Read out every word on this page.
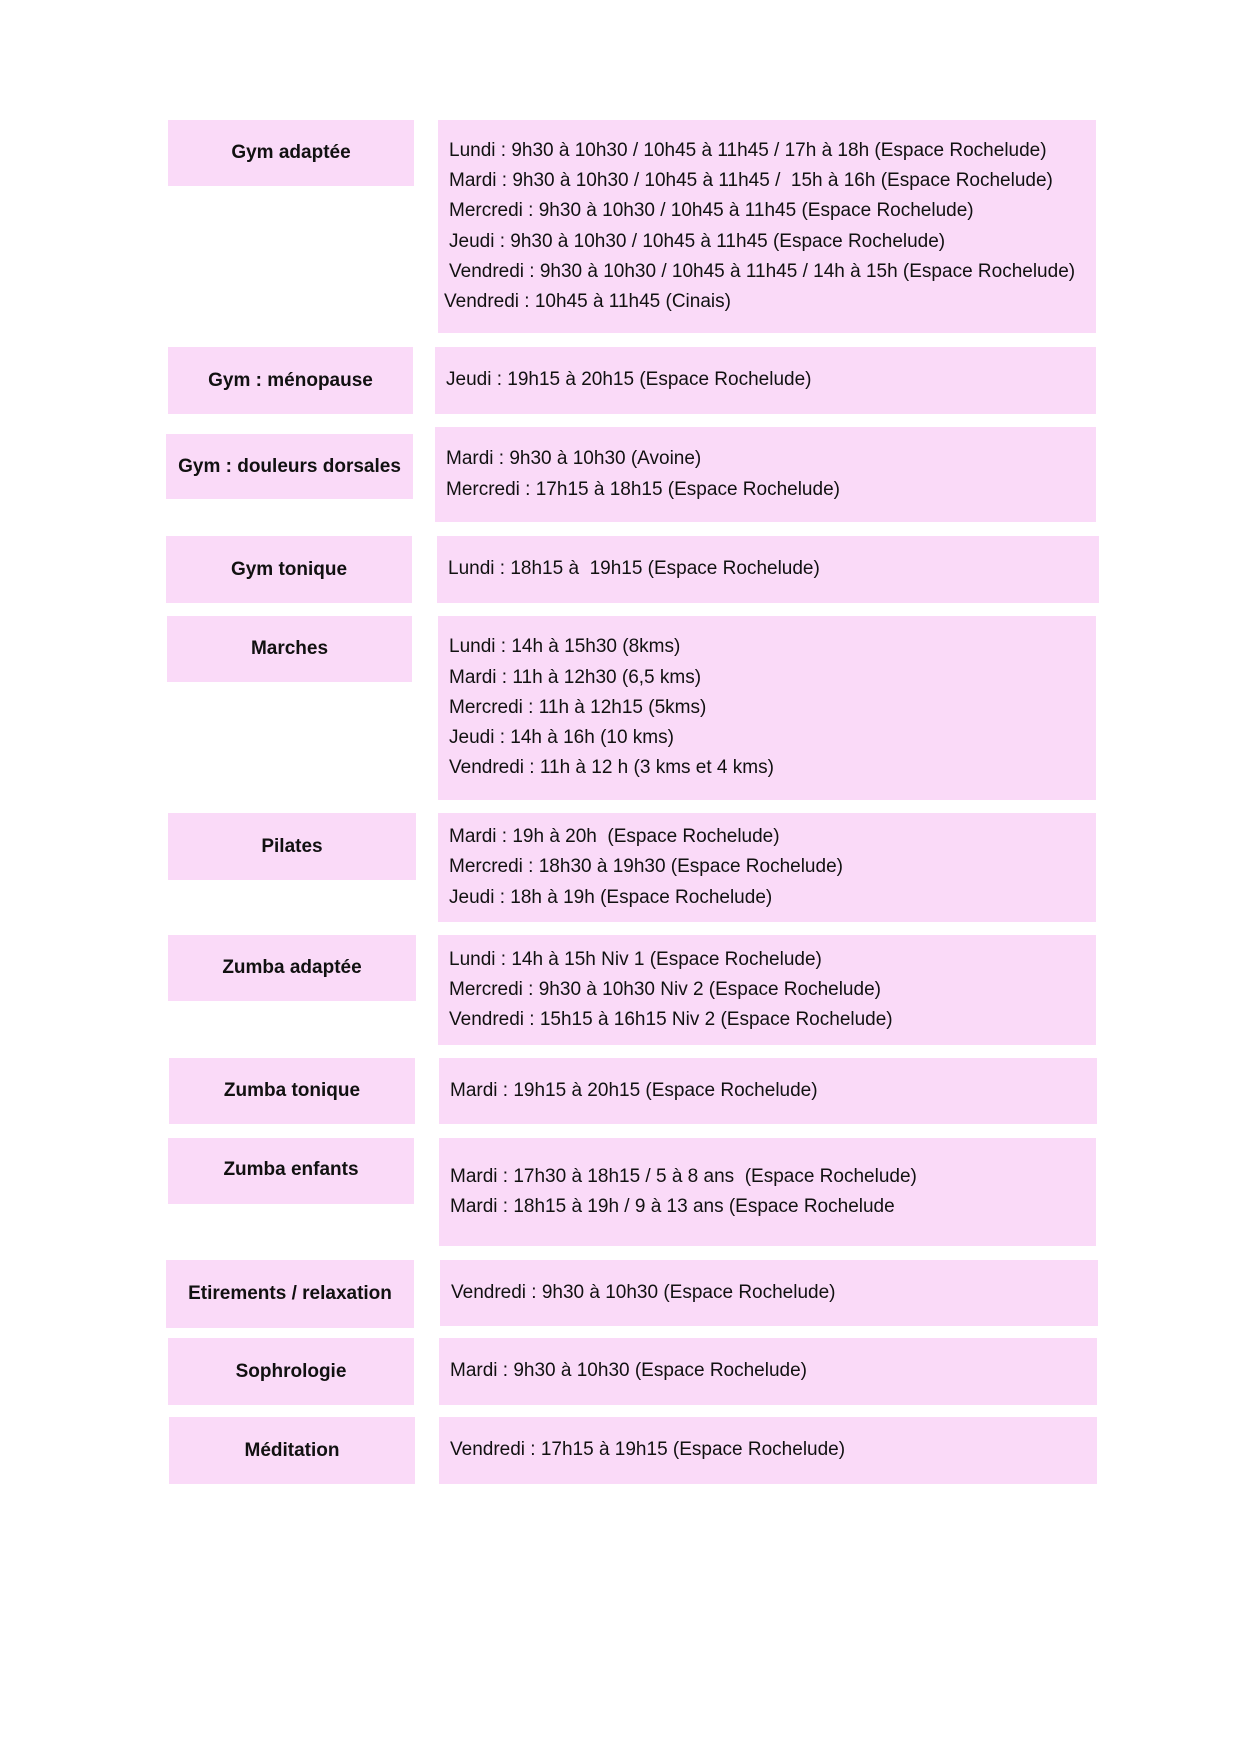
Gym adaptée	Lundi : 9h30 à 10h30 / 10h45 à 11h45 / 17h à 18h (Espace Rochelude)
Mardi : 9h30 à 10h30 / 10h45 à 11h45 /  15h à 16h (Espace Rochelude)
Mercredi : 9h30 à 10h30 / 10h45 à 11h45 (Espace Rochelude)
Jeudi : 9h30 à 10h30 / 10h45 à 11h45 (Espace Rochelude)
Vendredi : 9h30 à 10h30 / 10h45 à 11h45 / 14h à 15h (Espace Rochelude)
Vendredi : 10h45 à 11h45 (Cinais)
Gym : ménopause	Jeudi : 19h15 à 20h15 (Espace Rochelude)
Gym : douleurs dorsales Mardi : 9h30 à 10h30 (Avoine)
Mercredi : 17h15 à 18h15 (Espace Rochelude)
Gym tonique	Lundi : 18h15 à  19h15 (Espace Rochelude)
Marches	Lundi : 14h à 15h30 (8kms)
Mardi : 11h à 12h30 (6,5 kms)
Mercredi : 11h à 12h15 (5kms)
Jeudi : 14h à 16h (10 kms)
Vendredi : 11h à 12 h (3 kms et 4 kms)
Pilates	Mardi : 19h à 20h  (Espace Rochelude)
Mercredi : 18h30 à 19h30 (Espace Rochelude)
Jeudi : 18h à 19h (Espace Rochelude)
Zumba adaptée	Lundi : 14h à 15h Niv 1 (Espace Rochelude)
Mercredi : 9h30 à 10h30 Niv 2 (Espace Rochelude)
Vendredi : 15h15 à 16h15 Niv 2 (Espace Rochelude)
Zumba tonique	Mardi : 19h15 à 20h15 (Espace Rochelude)
Zumba enfants	Mardi : 17h30 à 18h15 / 5 à 8 ans  (Espace Rochelude)
Mardi : 18h15 à 19h / 9 à 13 ans (Espace Rochelude
Etirements / relaxation	Vendredi : 9h30 à 10h30 (Espace Rochelude)
Sophrologie	Mardi : 9h30 à 10h30 (Espace Rochelude)
Méditation	Vendredi : 17h15 à 19h15 (Espace Rochelude)
